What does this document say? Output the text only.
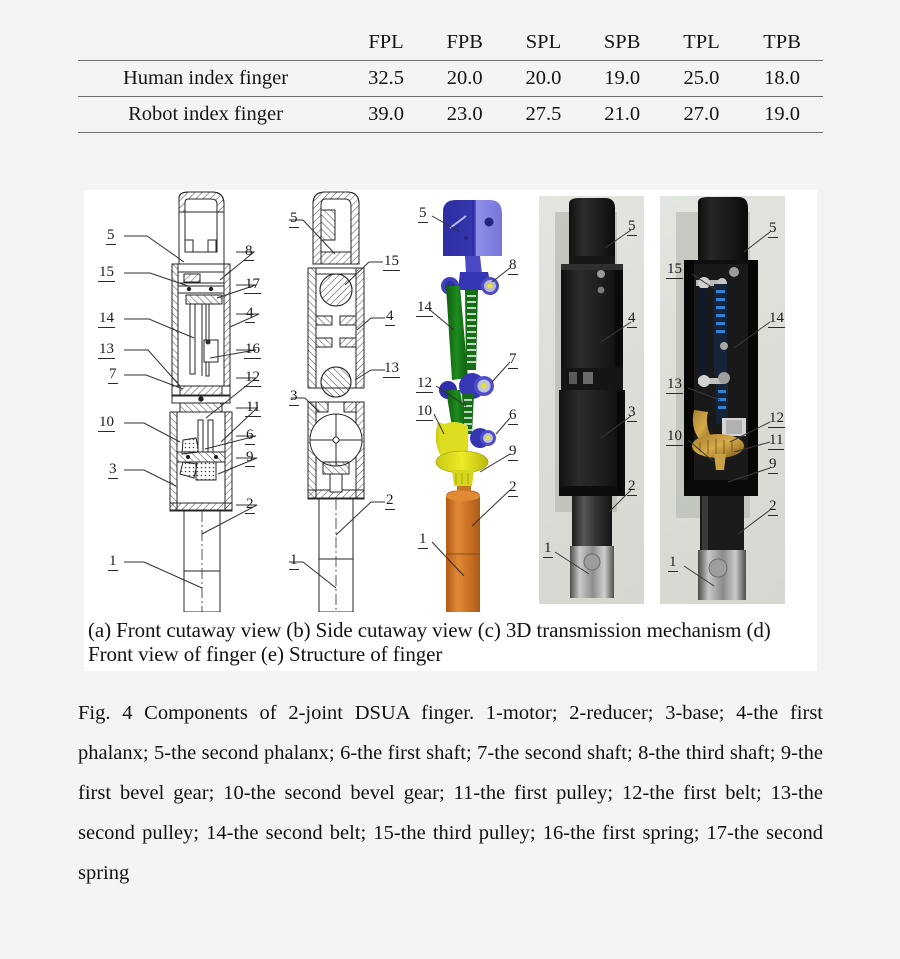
	FPL	FPB	SPL	SPB	TPL	TPB
Human index finger	32.5	20.0	20.0	19.0	25.0	18.0
Robot index finger	39.0	23.0	27.5	21.0	27.0	19.0
5
8
15
17
14	4
13	16
7	12
10
11
6
3
9
2
1
5
15
4
13
3
2
1
5
8
14
7
12
10	6
9
2
1
5
4
3
2
1
15
5
14
13
12
11
10
9
2
1
(a) Front cutaway view (b) Side cutaway view (c) 3D transmission mechanism (d) Front view of finger (e) Structure of finger
Fig. 4 Components of 2-joint DSUA finger. 1-motor; 2-reducer; 3-base; 4-the first phalanx; 5-the second phalanx; 6-the first shaft; 7-the second shaft; 8-the third shaft; 9-the first bevel gear; 10-the second bevel gear; 11-the first pulley; 12-the first belt; 13-the second pulley; 14-the second belt; 15-the third pulley; 16-the first spring; 17-the second spring
